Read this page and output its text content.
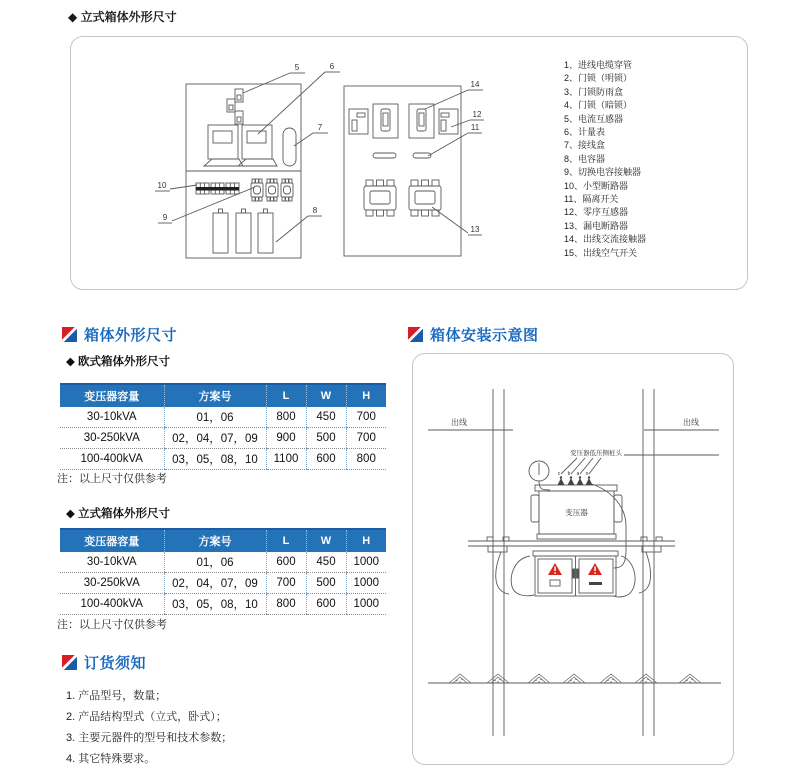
◆ 立式箱体外形尺寸
5	6
7
8
9
10
11
12
13
14
1、进线电缆穿管
2、门锁（明锁）
3、门锁防雨盒
4、门锁（暗锁）
5、电流互感器
6、计量表
7、接线盒
8、电容器
9、切换电容接触器
10、小型断路器
11、隔离开关
12、零序互感器
13、漏电断路器
14、出线交流接触器
15、出线空气开关
箱体外形尺寸
◆ 欧式箱体外形尺寸
变压器容量	方案号	L	W	H
30-10kVA	01，06	800	450	700
30-250kVA	02，04，07，09	900	500	700
100-400kVA	03，05，08，10	1100	600	800
注：以上尺寸仅供参考
◆ 立式箱体外形尺寸
变压器容量	方案号	L	W	H
30-10kVA	01，06	600	450	1000
30-250kVA	02，04，07，09	700	500	1000
100-400kVA	03，05，08，10	800	600	1000
注：以上尺寸仅供参考
订货须知
1. 产品型号，数量；
2. 产品结构型式（立式，卧式）；
3. 主要元器件的型号和技术参数；
4. 其它特殊要求。
箱体安装示意图
出线	出线
变压器低压侧桩头
变压器
c b a o
